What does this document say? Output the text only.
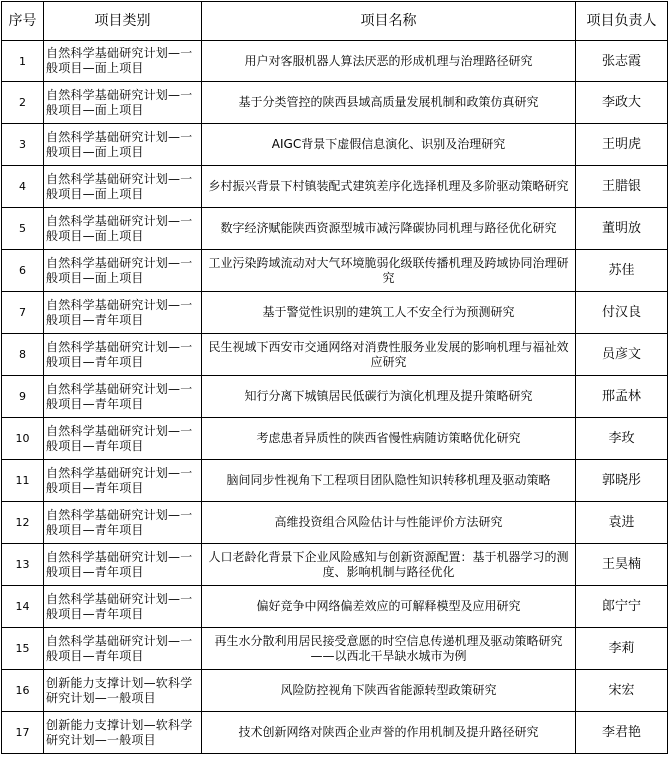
序号	项目类别	项目名称	项目负责人
1	自然科学基础研究计划—一般项目—面上项目	用户对客服机器人算法厌恶的形成机理与治理路径研究	张志霞
2	自然科学基础研究计划—一般项目—面上项目	基于分类管控的陕西县域高质量发展机制和政策仿真研究	李政大
3	自然科学基础研究计划—一般项目—面上项目	AIGC背景下虚假信息演化、识别及治理研究	王明虎
4	自然科学基础研究计划—一般项目—面上项目	乡村振兴背景下村镇装配式建筑差序化选择机理及多阶驱动策略研究	王腊银
5	自然科学基础研究计划—一般项目—面上项目	数字经济赋能陕西资源型城市减污降碳协同机理与路径优化研究	董明放
6	自然科学基础研究计划—一般项目—面上项目	工业污染跨域流动对大气环境脆弱化级联传播机理及跨域协同治理研究	苏佳
7	自然科学基础研究计划—一般项目—青年项目	基于警觉性识别的建筑工人不安全行为预测研究	付汉良
8	自然科学基础研究计划—一般项目—青年项目	民生视域下西安市交通网络对消费性服务业发展的影响机理与福祉效应研究	员彦文
9	自然科学基础研究计划—一般项目—青年项目	知行分离下城镇居民低碳行为演化机理及提升策略研究	邢孟林
10	自然科学基础研究计划—一般项目—青年项目	考虑患者异质性的陕西省慢性病随访策略优化研究	李玫
11	自然科学基础研究计划—一般项目—青年项目	脑间同步性视角下工程项目团队隐性知识转移机理及驱动策略	郭晓彤
12	自然科学基础研究计划—一般项目—青年项目	高维投资组合风险估计与性能评价方法研究	袁进
13	自然科学基础研究计划—一般项目—青年项目	人口老龄化背景下企业风险感知与创新资源配置：基于机器学习的测度、影响机制与路径优化	王昊楠
14	自然科学基础研究计划—一般项目—青年项目	偏好竞争中网络偏差效应的可解释模型及应用研究	郎宁宁
15	自然科学基础研究计划—一般项目—青年项目	再生水分散利用居民接受意愿的时空信息传递机理及驱动策略研究 ——以西北干旱缺水城市为例	李莉
16	创新能力支撑计划—软科学研究计划—一般项目	风险防控视角下陕西省能源转型政策研究	宋宏
17	创新能力支撑计划—软科学研究计划—一般项目	技术创新网络对陕西企业声誉的作用机制及提升路径研究	李君艳
